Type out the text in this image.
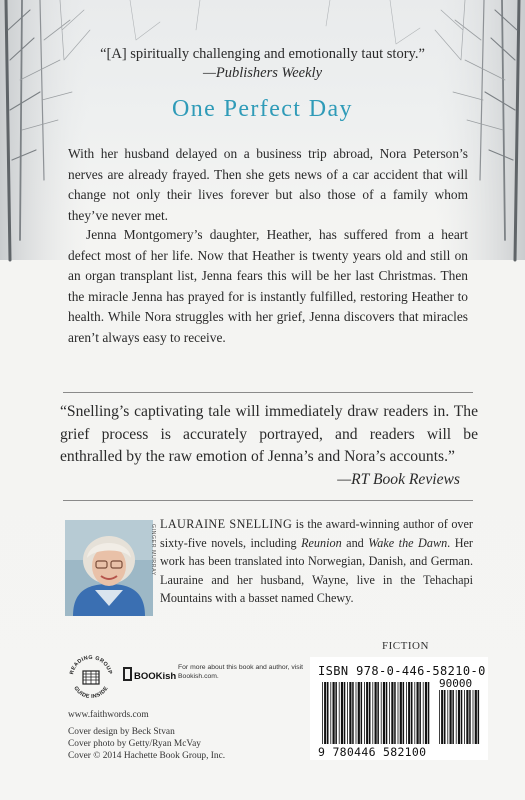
“[A] spiritually challenging and emotionally taut story.”
—Publishers Weekly
One Perfect Day

With her husband delayed on a business trip abroad, Nora Peterson’s nerves are already frayed. Then she gets news of a car accident that will change not only their lives forever but also those of a family whom they’ve never met.

Jenna Montgomery’s daughter, Heather, has suffered from a heart defect most of her life. Now that Heather is twenty years old and still on an organ transplant list, Jenna fears this will be her last Christmas. Then the miracle Jenna has prayed for is instantly fulfilled, restoring Heather to health. While Nora struggles with her grief, Jenna discovers that miracles aren’t always easy to receive.

“Snelling’s captivating tale will immediately draw readers in. The grief process is accurately portrayed, and readers will be enthralled by the raw emotion of Jenna’s and Nora’s accounts.”

—RT Book Reviews
GINGER MURRAY LAURAINE SNELLING is the award-winning author of over sixty-five novels, including Reunion and Wake the Dawn. Her work has been translated into Norwegian, Danish, and German. Lauraine and her husband, Wayne, live in the Tehachapi Mountains with a basset named Chewy.

FICTION
READING GROUP
GUIDE INSIDE
BOOKish
For more about this book and author, visit Bookish.com.	ISBN 978-0-446-58210-0
90000
9 780446 582100
www.faithwords.com
Cover design by Beck Stvan
Cover photo by Getty/Ryan McVay
Cover © 2014 Hachette Book Group, Inc.
